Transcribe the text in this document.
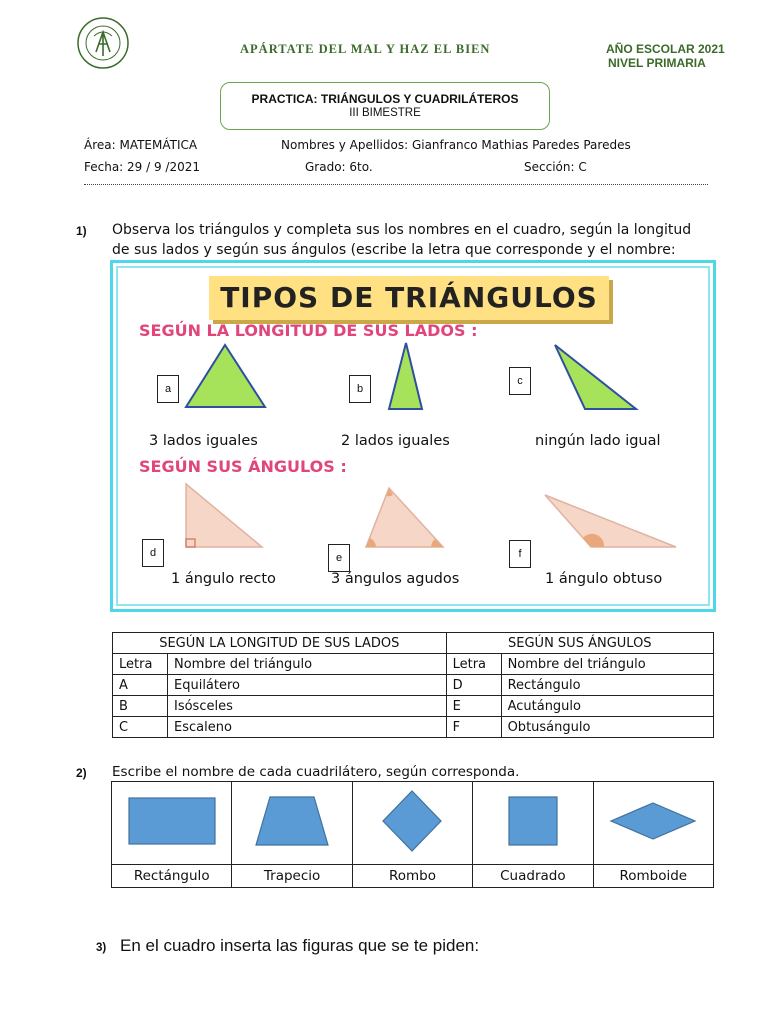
APÁRTATE DEL MAL Y HAZ EL BIEN	AÑO ESCOLAR 2021
NIVEL PRIMARIA
PRACTICA: TRIÁNGULOS Y CUADRILÁTEROS
III BIMESTRE
Área: MATEMÁTICA	Nombres y Apellidos: Gianfranco Mathias Paredes Paredes
Fecha: 29 / 9 /2021	Grado: 6to.	Sección: C
1) Observa los triángulos y completa sus los nombres en el cuadro, según la longitud
de sus lados y según sus ángulos (escribe la letra que corresponde y el nombre:
TIPOS DE TRIÁNGULOS
SEGÚN LA LONGITUD DE SUS LADOS :
SEGÚN SUS ÁNGULOS :
a	b
c
d	e	f
3 lados iguales	2 lados iguales	ningún lado igual
1 ángulo recto	3 ángulos agudos	1 ángulo obtuso
SEGÚN LA LONGITUD DE SUS LADOS		SEGÚN SUS ÁNGULOS	
Letra	Nombre del triángulo	Letra	Nombre del triángulo
A	Equilátero	D	Rectángulo
B	Isósceles	E	Acutángulo
C	Escaleno	F	Obtusángulo
2) Escribe el nombre de cada cuadrilátero, según corresponda.

Rectángulo	Trapecio	Rombo	Cuadrado	Romboide
3) En el cuadro inserta las figuras que se te piden:
